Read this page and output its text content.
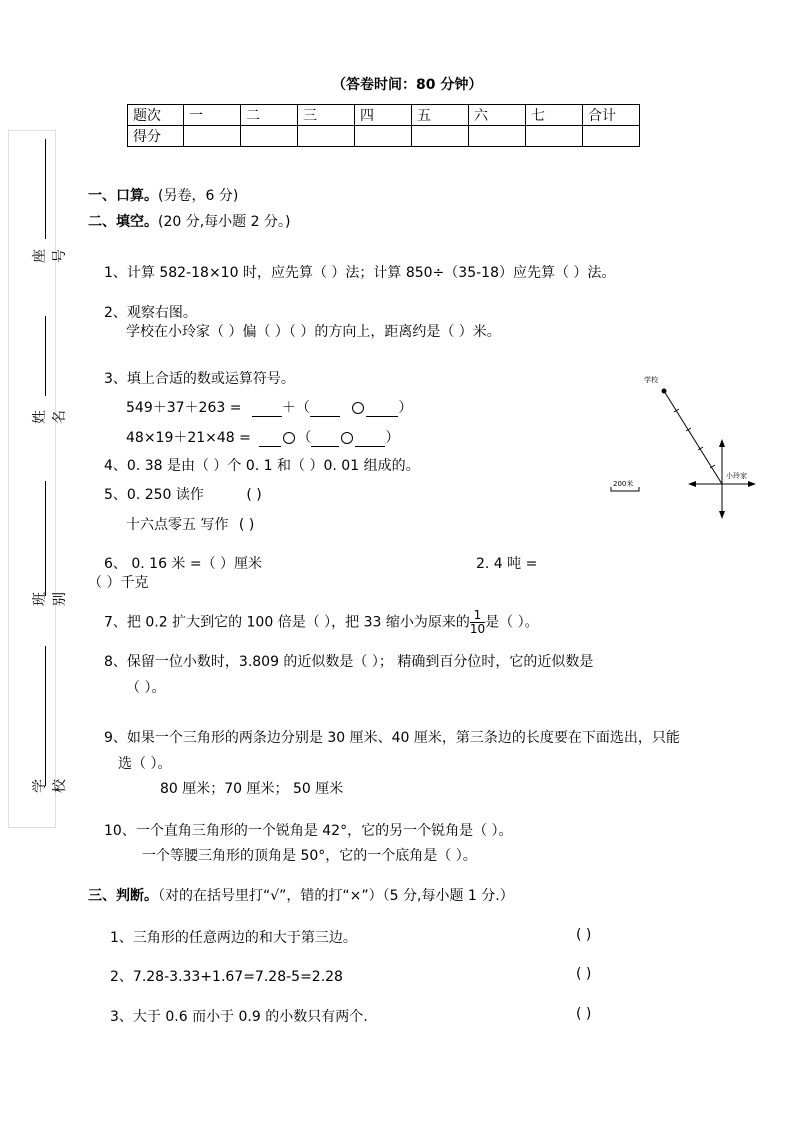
座号
姓名
班别
学校
（答卷时间：80 分钟）
题次	一	二	三	四	五	六	七	合计
得分								
一、口算。(另卷，6 分)
二、填空。(20 分,每小题 2 分。)
1、计算 582-18×10 时，应先算（ ）法；计算 850÷（35-18）应先算（ ）法。
2、观察右图。
学校在小玲家（ ）偏（ ）（ ）的方向上，距离约是（ ）米。
3、填上合适的数或运算符号。
549＋37＋263 =	＋（	）
48×19＋21×48 =	（	）
4、0. 38 是由（ ）个 0. 1 和（ ）0. 01 组成的。
5、0. 250 读作	( )
十六点零五 写作 ( )
6、 0. 16 米 =（ ）厘米	2. 4 吨 =
（ ）千克
7、把 0.2 扩大到它的 100 倍是（ ），把 33 缩小为原来的 $\frac{1}{10}$ 是（ ）。
8、保留一位小数时，3.809 的近似数是（ ）； 精确到百分位时，它的近似数是
（ ）。
9、如果一个三角形的两条边分别是 30 厘米、40 厘米，第三条边的长度要在下面选出，只能
选（ ）。
80 厘米；70 厘米； 50 厘米
10、一个直角三角形的一个锐角是 42°，它的另一个锐角是（ ）。
一个等腰三角形的顶角是 50°，它的一个底角是（ ）。
三、判断。（对的在括号里打“√”，错的打“×”）（5 分,每小题 1 分.）
1、三角形的任意两边的和大于第三边。	( )
2、7.28-3.33+1.67=7.28-5=2.28	( )
3、大于 0.6 而小于 0.9 的小数只有两个.	( )
学校
小玲家
200米
